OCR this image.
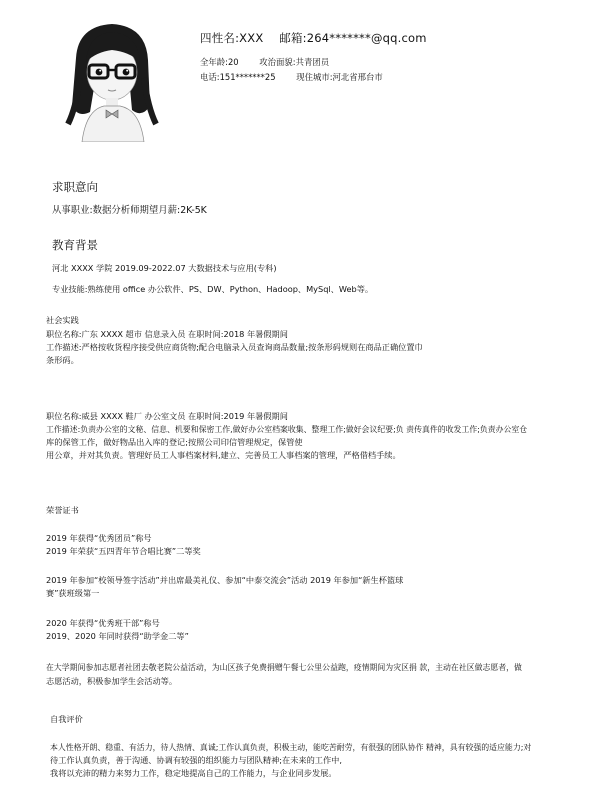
四性名:XXX 邮箱:264*******@qq.com
全年龄:20 攻治面貌:共青团员
电话:151*******25 现住城市:河北省邢台市
求职意向
从事职业:数据分析师期望月薪:2K-5K
教育背景
河北 XXXX 学院 2019.09-2022.07 大数据技术与应用(专科)
专业技能:熟练使用 office 办公软件、PS、DW、Python、Hadoop、MySql、Web等。
社会实践
职位名称:广东 XXXX 超市 信息录入员 在职时间:2018 年暑假期间
工作描述:严格按收货程序接受供应商货物;配合电脑录入员查询商品数量;按条形码规则在商品正确位置巾
条形码。
职位名称:威县 XXXX 鞋厂 办公室文员 在职时间:2019 年暑假期间
工作描述:负责办公室的文秘、信息、机要和保密工作,做好办公室档案收集、整理工作;做好会议纪要;负 责传真件的收发工作;负责办公室仓
库的保管工作，做好物品出入库的登记;按照公司印信管理规定，保管使
用公章，并对其负责。管理好员工人事档案材料,建立、完善员工人事档案的管理，严格借档手续。
荣誉证书
2019 年获得“优秀团员”称号
2019 年荣获“五四青年节合唱比赛”二等奖
2019 年参加“校领导签字活动”并出席最美礼仪、参加“中泰交流会”活动 2019 年参加“新生杯篮球
赛”获班级第一
2020 年获得“优秀班干部”称号
2019、2020 年同时获得“助学金二等”
在大学期间参加志愿者社团去敬老院公益活动，为山区孩子免费捐赠午餐七公里公益跑，疫情期间为灾区捐 款，主动在社区做志愿者，做
志愿活动，积极参加学生会活动等。
自我评价
本人性格开朗、稳重、有活力，待人热情、真诚;工作认真负责，积极主动，能吃苦耐劳，有很强的团队协作 精神，具有较强的适应能力;对
待工作认真负责，善于沟通、协调有较强的组织能力与团队精神;在未来的工作中,
我将以充沛的精力来努力工作，稳定地提高自己的工作能力，与企业同步发展。
